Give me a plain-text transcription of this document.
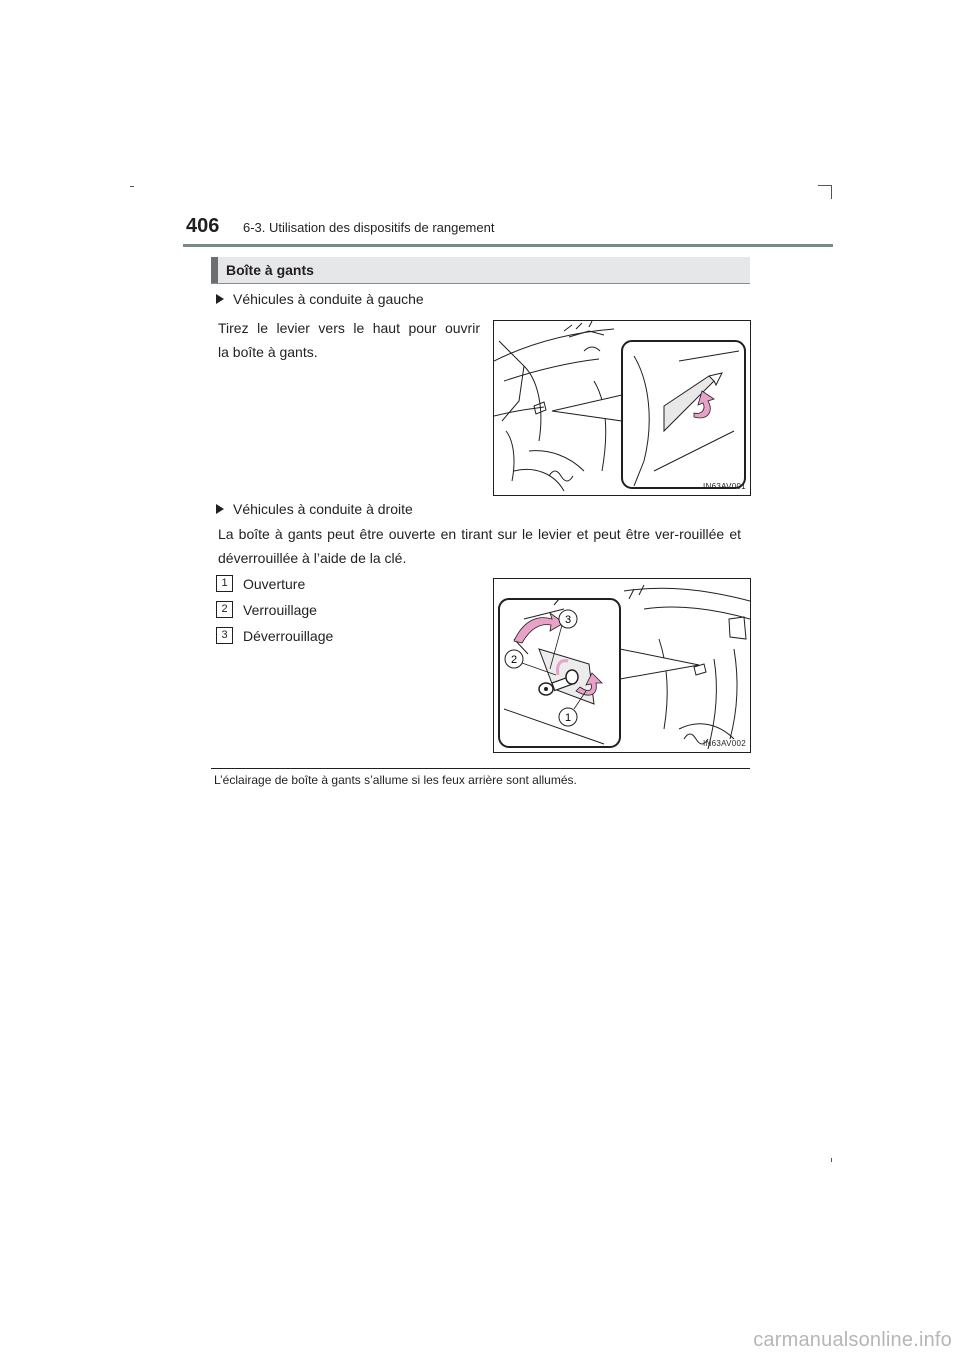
406 6-3. Utilisation des dispositifs de rangement
Boîte à gants
Véhicules à conduite à gauche
Tirez le levier vers le haut pour ouvrir
la boîte à gants.
IN63AV001
Véhicules à conduite à droite
La boîte à gants peut être ouverte en tirant sur le levier et peut être ver-rouillée et déverrouillée à l’aide de la clé.
1	Ouverture
2	Verrouillage
3	Déverrouillage
3
2
1
IN63AV002
L’éclairage de boîte à gants s’allume si les feux arrière sont allumés.
carmanualsonline.info
